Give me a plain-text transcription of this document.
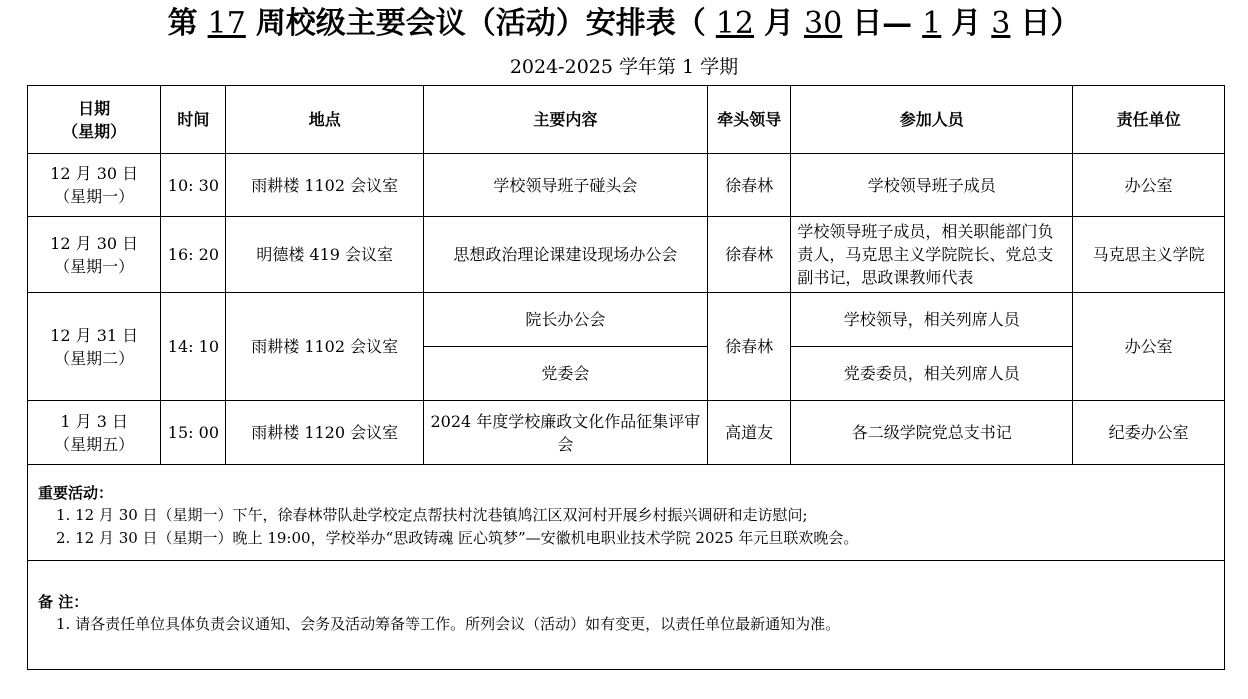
第 17 周校级主要会议（活动）安排表（ 12 月 30 日— 1 月 3 日）
2024-2025 学年第 1 学期
日期
（星期）	时间	地点	主要内容	牵头领导	参加人员	责任单位

12 月 30 日
（星期一）	10: 30	雨耕楼 1102 会议室	学校领导班子碰头会	徐春林	学校领导班子成员	办公室

12 月 30 日
（星期一）	16: 20	明德楼 419 会议室	思想政治理论课建设现场办公会	徐春林	学校领导班子成员，相关职能部门负责人，马克思主义学院院长、党总支副书记，思政课教师代表	马克思主义学院

12 月 31 日
（星期二）	14: 10	雨耕楼 1102 会议室	院长办公会	徐春林	学校领导，相关列席人员	办公室
			党委会		党委委员，相关列席人员	

1 月 3 日
（星期五）	15: 00	雨耕楼 1120 会议室	2024 年度学校廉政文化作品征集评审会	高道友	各二级学院党总支书记	纪委办公室
重要活动：
1. 12 月 30 日（星期一）下午，徐春林带队赴学校定点帮扶村沈巷镇鸠江区双河村开展乡村振兴调研和走访慰问;
2. 12 月 30 日（星期一）晚上 19:00，学校举办“思政铸魂 匠心筑梦”—安徽机电职业技术学院 2025 年元旦联欢晚会。
备 注：
1. 请各责任单位具体负责会议通知、会务及活动筹备等工作。所列会议（活动）如有变更，以责任单位最新通知为准。
